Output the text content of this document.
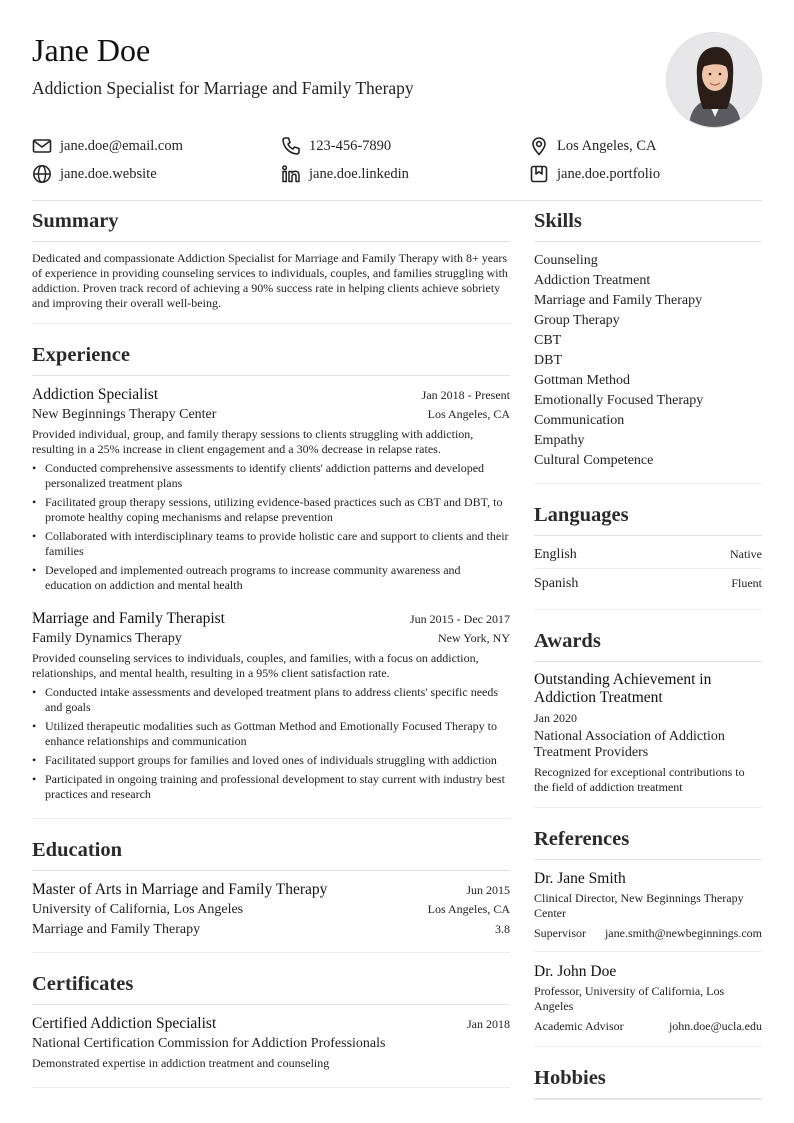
Jane Doe
Addiction Specialist for Marriage and Family Therapy
jane.doe@email.com	123-456-7890	Los Angeles, CA
jane.doe.website	jane.doe.linkedin	jane.doe.portfolio
Summary

Dedicated and compassionate Addiction Specialist for Marriage and Family Therapy with 8+ years of experience in providing counseling services to individuals, couples, and families struggling with addiction. Proven track record of achieving a 90% success rate in helping clients achieve sobriety and improving their overall well-being.

Experience
Addiction Specialist	Jan 2018 - Present
New Beginnings Therapy Center	Los Angeles, CA

Provided individual, group, and family therapy sessions to clients struggling with addiction, resulting in a 25% increase in client engagement and a 30% decrease in relapse rates.

• Conducted comprehensive assessments to identify clients' addiction patterns and developed personalized treatment plans
• Facilitated group therapy sessions, utilizing evidence-based practices such as CBT and DBT, to promote healthy coping mechanisms and relapse prevention
• Collaborated with interdisciplinary teams to provide holistic care and support to clients and their families
• Developed and implemented outreach programs to increase community awareness and education on addiction and mental health
Marriage and Family Therapist	Jun 2015 - Dec 2017
Family Dynamics Therapy	New York, NY

Provided counseling services to individuals, couples, and families, with a focus on addiction, relationships, and mental health, resulting in a 95% client satisfaction rate.

• Conducted intake assessments and developed treatment plans to address clients' specific needs and goals
• Utilized therapeutic modalities such as Gottman Method and Emotionally Focused Therapy to enhance relationships and communication
• Facilitated support groups for families and loved ones of individuals struggling with addiction
• Participated in ongoing training and professional development to stay current with industry best practices and research
Education
Master of Arts in Marriage and Family Therapy	Jun 2015
University of California, Los Angeles	Los Angeles, CA
Marriage and Family Therapy	3.8
Certificates
Certified Addiction Specialist	Jan 2018
National Certification Commission for Addiction Professionals

Demonstrated expertise in addiction treatment and counseling

Skills
Counseling
Addiction Treatment
Marriage and Family Therapy
Group Therapy
CBT
DBT
Gottman Method
Emotionally Focused Therapy
Communication
Empathy
Cultural Competence
Languages
English	Native
Spanish	Fluent
Awards
Outstanding Achievement in Addiction Treatment
Jan 2020
National Association of Addiction Treatment Providers

Recognized for exceptional contributions to the field of addiction treatment

References
Dr. Jane Smith
Clinical Director, New Beginnings Therapy Center
Supervisor jane.smith@newbeginnings.com
Dr. John Doe
Professor, University of California, Los Angeles
Academic Advisor	john.doe@ucla.edu
Hobbies
